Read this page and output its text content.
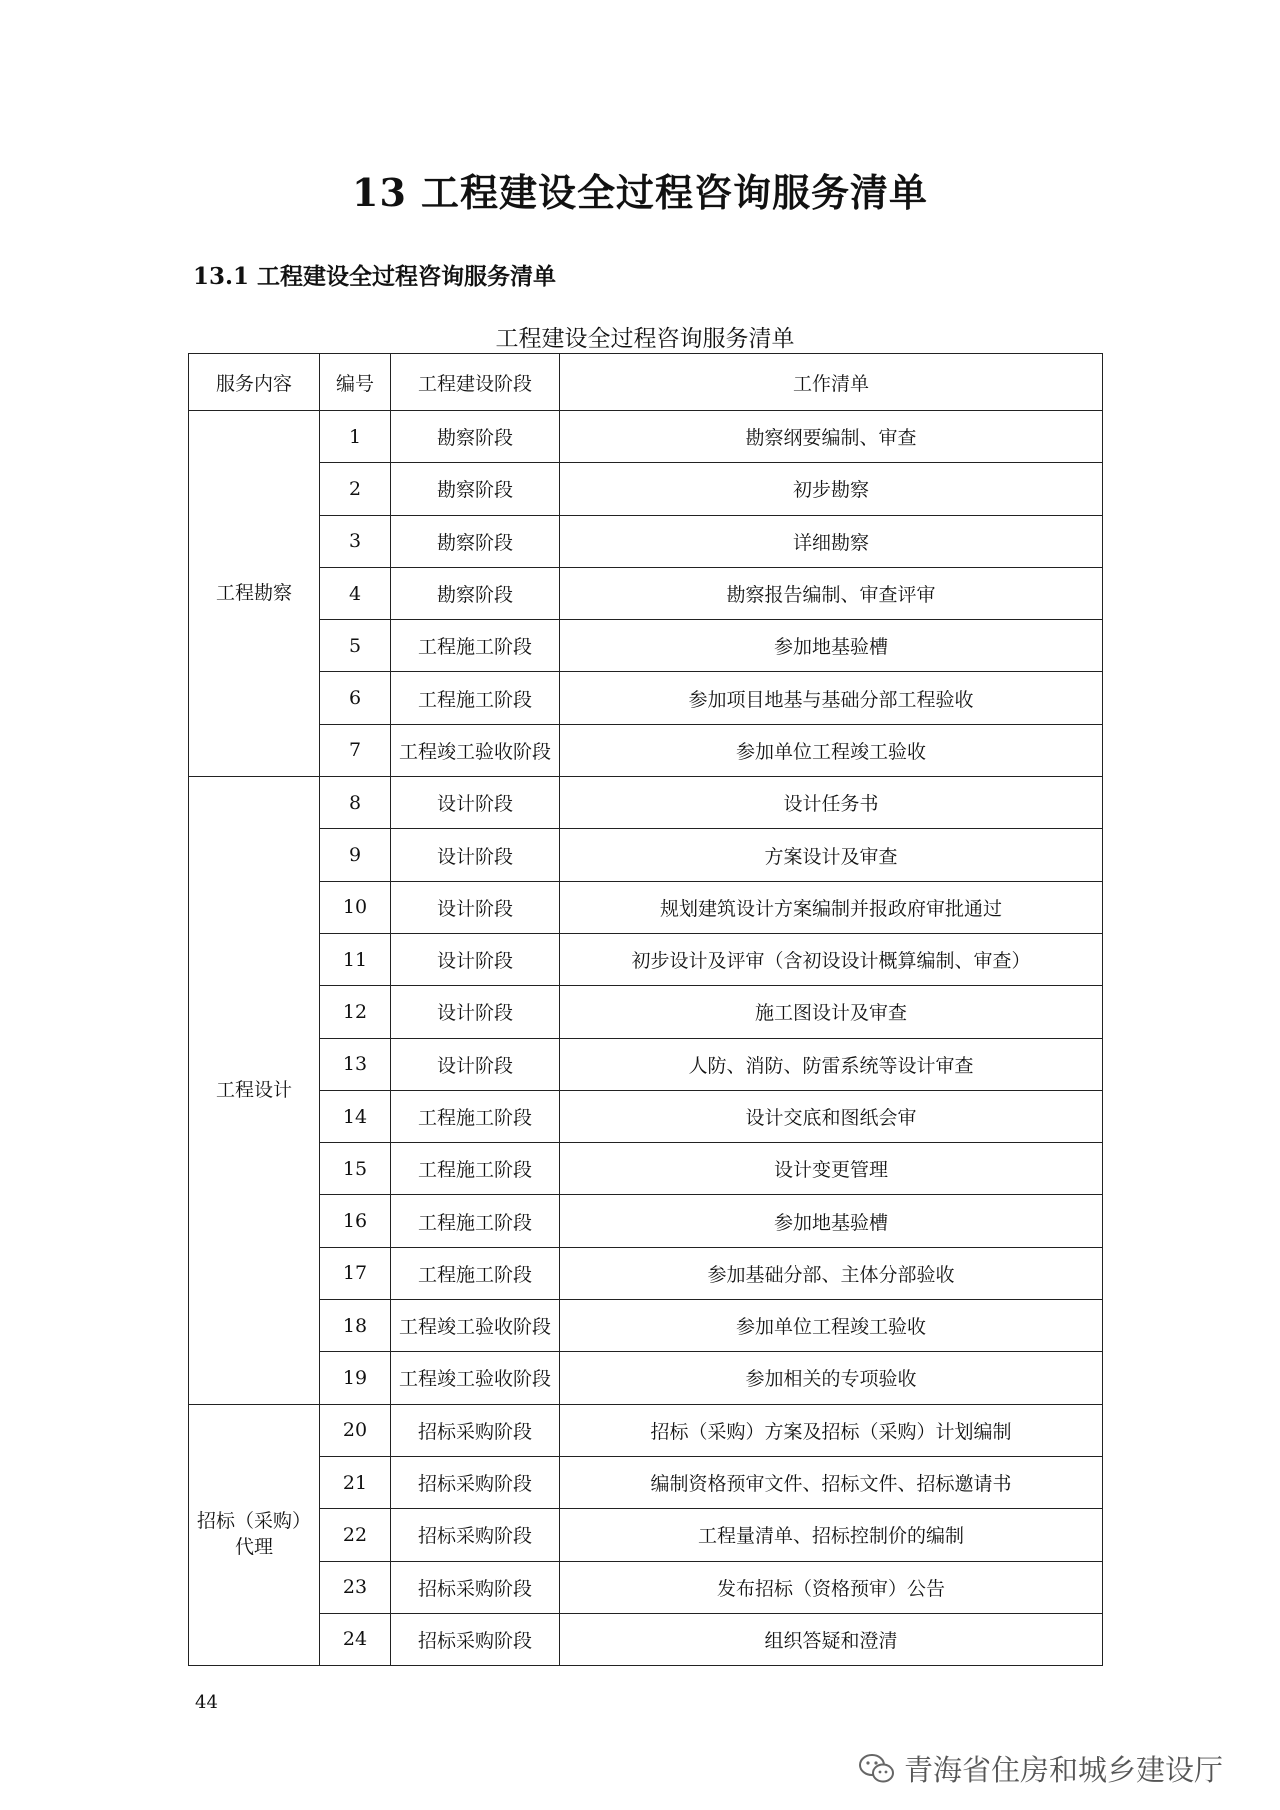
13 工程建设全过程咨询服务清单
13.1 工程建设全过程咨询服务清单
工程建设全过程咨询服务清单
服务内容	编号	工程建设阶段	工作清单
工程勘察	1	勘察阶段	勘察纲要编制、审查
	2	勘察阶段	初步勘察
	3	勘察阶段	详细勘察
	4	勘察阶段	勘察报告编制、审查评审
	5	工程施工阶段	参加地基验槽
	6	工程施工阶段	参加项目地基与基础分部工程验收
	7	工程竣工验收阶段	参加单位工程竣工验收
工程设计	8	设计阶段	设计任务书
	9	设计阶段	方案设计及审查
	10	设计阶段	规划建筑设计方案编制并报政府审批通过
	11	设计阶段	初步设计及评审（含初设设计概算编制、审查）
	12	设计阶段	施工图设计及审查
	13	设计阶段	人防、消防、防雷系统等设计审查
	14	工程施工阶段	设计交底和图纸会审
	15	工程施工阶段	设计变更管理
	16	工程施工阶段	参加地基验槽
	17	工程施工阶段	参加基础分部、主体分部验收
	18	工程竣工验收阶段	参加单位工程竣工验收
	19	工程竣工验收阶段	参加相关的专项验收
招标（采购）
代理	20	招标采购阶段	招标（采购）方案及招标（采购）计划编制
	21	招标采购阶段	编制资格预审文件、招标文件、招标邀请书
	22	招标采购阶段	工程量清单、招标控制价的编制
	23	招标采购阶段	发布招标（资格预审）公告
	24	招标采购阶段	组织答疑和澄清
44
青海省住房和城乡建设厅
